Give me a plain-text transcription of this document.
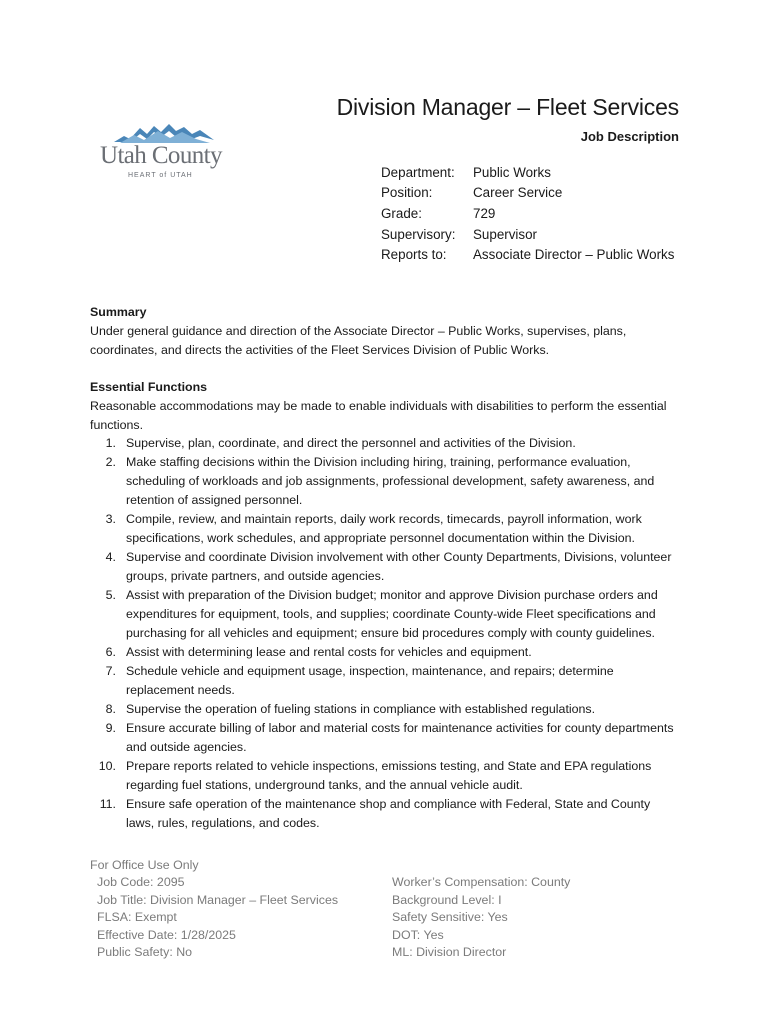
Utah County
HEART of UTAH
Division Manager – Fleet Services
Job Description
Department:	Public Works
Position:	Career Service
Grade:	729
Supervisory:	Supervisor
Reports to:	Associate Director – Public Works
Summary
Under general guidance and direction of the Associate Director – Public Works, supervises, plans, coordinates, and directs the activities of the Fleet Services Division of Public Works.
Essential Functions
Reasonable accommodations may be made to enable individuals with disabilities to perform the essential functions.
1. Supervise, plan, coordinate, and direct the personnel and activities of the Division.
2. Make staffing decisions within the Division including hiring, training, performance evaluation, scheduling of workloads and job assignments, professional development, safety awareness, and retention of assigned personnel.
3. Compile, review, and maintain reports, daily work records, timecards, payroll information, work specifications, work schedules, and appropriate personnel documentation within the Division.
4. Supervise and coordinate Division involvement with other County Departments, Divisions, volunteer groups, private partners, and outside agencies.
5. Assist with preparation of the Division budget; monitor and approve Division purchase orders and expenditures for equipment, tools, and supplies; coordinate County-wide Fleet specifications and purchasing for all vehicles and equipment; ensure bid procedures comply with county guidelines.
6. Assist with determining lease and rental costs for vehicles and equipment.
7. Schedule vehicle and equipment usage, inspection, maintenance, and repairs; determine replacement needs.
8. Supervise the operation of fueling stations in compliance with established regulations.
9. Ensure accurate billing of labor and material costs for maintenance activities for county departments and outside agencies.
10. Prepare reports related to vehicle inspections, emissions testing, and State and EPA regulations regarding fuel stations, underground tanks, and the annual vehicle audit.
11. Ensure safe operation of the maintenance shop and compliance with Federal, State and County laws, rules, regulations, and codes.
For Office Use Only
Job Code: 2095
Job Title: Division Manager – Fleet Services
FLSA: Exempt
Effective Date: 1/28/2025
Public Safety: No
Worker’s Compensation: County
Background Level: I
Safety Sensitive: Yes
DOT: Yes
ML: Division Director
